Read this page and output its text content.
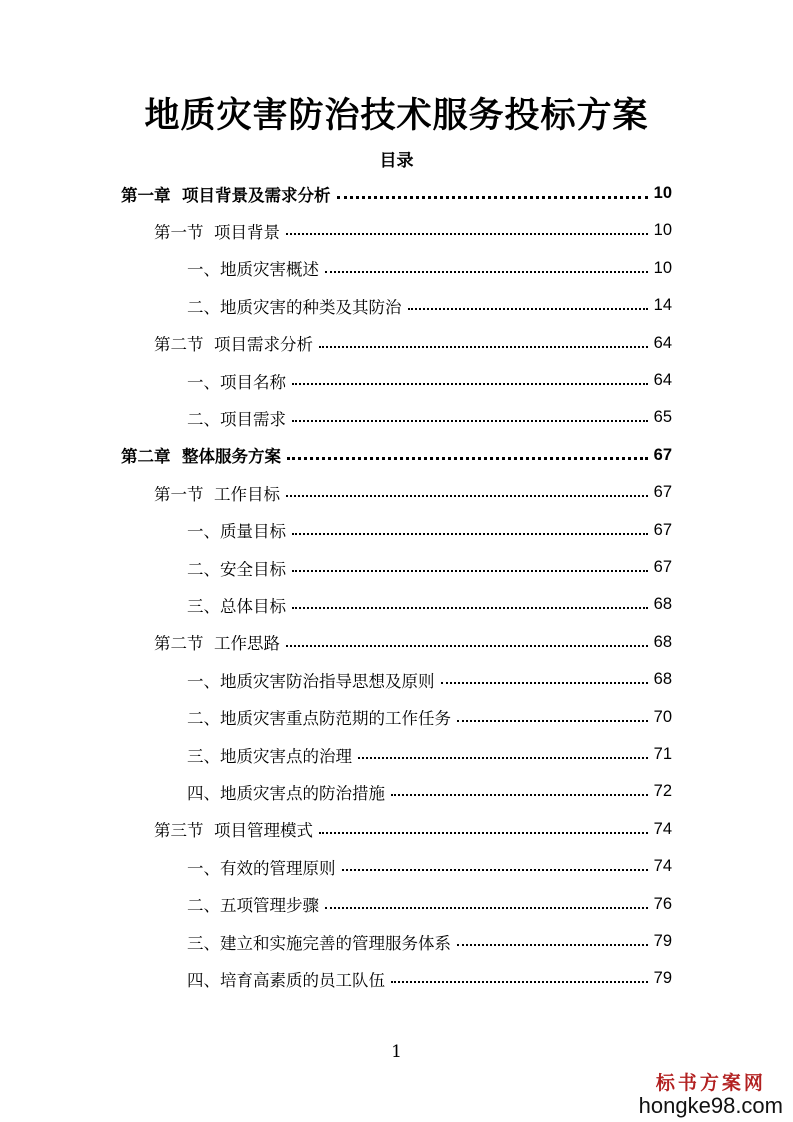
地质灾害防治技术服务投标方案
目录
第一章  项目背景及需求分析	10
第一节  项目背景	10
一、地质灾害概述	10
二、地质灾害的种类及其防治	14
第二节  项目需求分析	64
一、项目名称	64
二、项目需求	65
第二章  整体服务方案	67
第一节  工作目标	67
一、质量目标	67
二、安全目标	67
三、总体目标	68
第二节  工作思路	68
一、地质灾害防治指导思想及原则	68
二、地质灾害重点防范期的工作任务	70
三、地质灾害点的治理	71
四、地质灾害点的防治措施	72
第三节  项目管理模式	74
一、有效的管理原则	74
二、五项管理步骤	76
三、建立和实施完善的管理服务体系	79
四、培育高素质的员工队伍	79
1
标书方案网
hongke98.com
